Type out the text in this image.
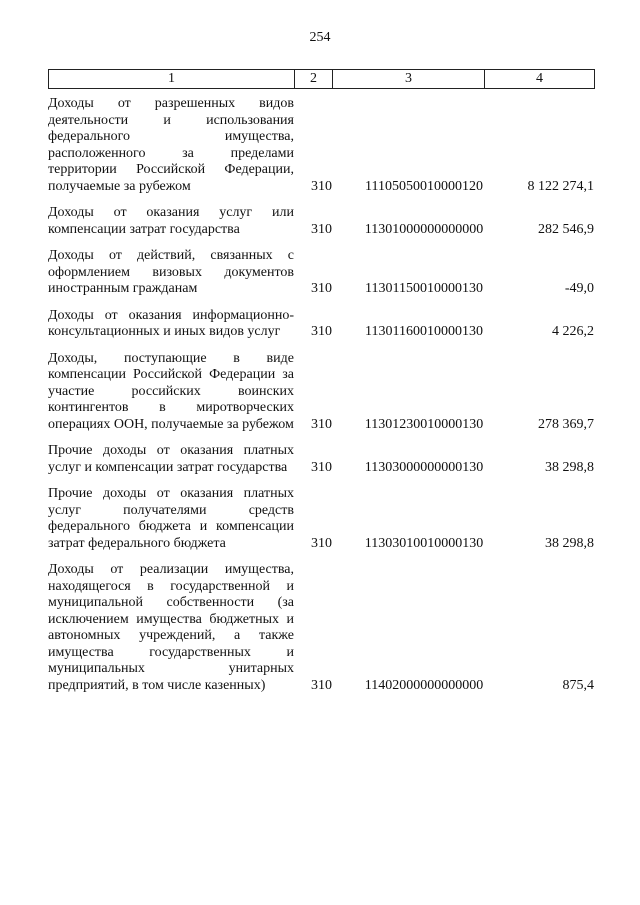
254
1	2	3	4
Доходы от разрешенных видов деятельности и использования федерального имущества, расположенного за пределами территории Российской Федерации, получаемые за рубежом	310	11105050010000120	8 122 274,1
Доходы от оказания услуг или компенсации затрат государства	310	11301000000000000	282 546,9
Доходы от действий, связанных с оформлением визовых документов иностранным гражданам	310	11301150010000130	-49,0
Доходы от оказания информационно-консультационных и иных видов услуг	310	11301160010000130	4 226,2
Доходы, поступающие в виде компенсации Российской Федерации за участие российских воинских контингентов в миротворческих операциях ООН, получаемые за рубежом	310	11301230010000130	278 369,7
Прочие доходы от оказания платных услуг и компенсации затрат государства	310	11303000000000130	38 298,8
Прочие доходы от оказания платных услуг получателями средств федерального бюджета и компенсации затрат федерального бюджета	310	11303010010000130	38 298,8
Доходы от реализации имущества, находящегося в государственной и муниципальной собственности (за исключением имущества бюджетных и автономных учреждений, а также имущества государственных и муниципальных унитарных предприятий, в том числе казенных)	310	11402000000000000	875,4
